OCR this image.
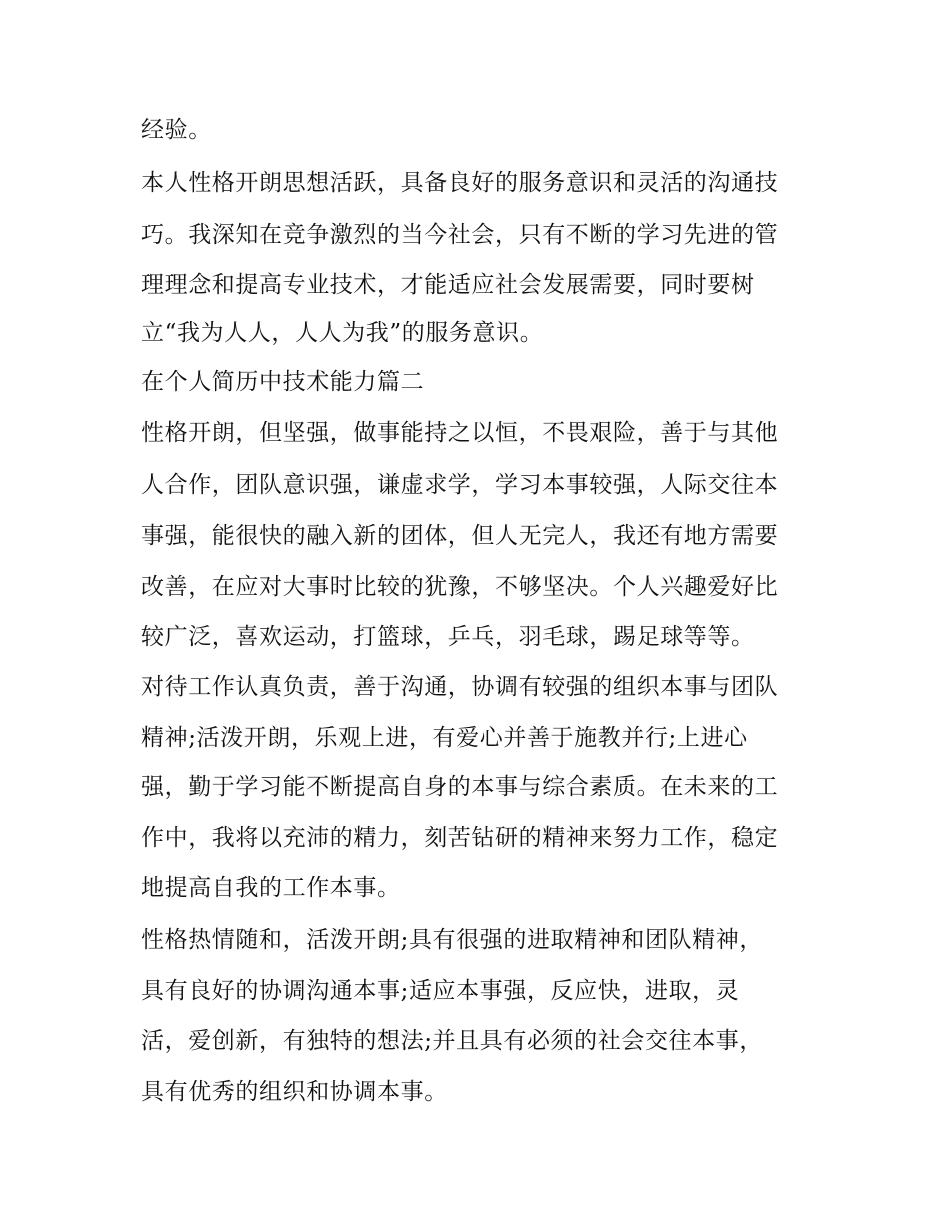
经验。
本人性格开朗思想活跃，具备良好的服务意识和灵活的沟通技
巧。我深知在竞争激烈的当今社会，只有不断的学习先进的管
理理念和提高专业技术，才能适应社会发展需要，同时要树
立“我为人人，人人为我”的服务意识。
在个人简历中技术能力篇二
性格开朗，但坚强，做事能持之以恒，不畏艰险，善于与其他
人合作，团队意识强，谦虚求学，学习本事较强，人际交往本
事强，能很快的融入新的团体，但人无完人，我还有地方需要
改善，在应对大事时比较的犹豫，不够坚决。个人兴趣爱好比
较广泛，喜欢运动，打篮球，乒乓，羽毛球，踢足球等等。
对待工作认真负责，善于沟通，协调有较强的组织本事与团队
精神;活泼开朗，乐观上进，有爱心并善于施教并行;上进心
强，勤于学习能不断提高自身的本事与综合素质。在未来的工
作中，我将以充沛的精力，刻苦钻研的精神来努力工作，稳定
地提高自我的工作本事。
性格热情随和，活泼开朗;具有很强的进取精神和团队精神，
具有良好的协调沟通本事;适应本事强，反应快，进取，灵
活，爱创新，有独特的想法;并且具有必须的社会交往本事，
具有优秀的组织和协调本事。
